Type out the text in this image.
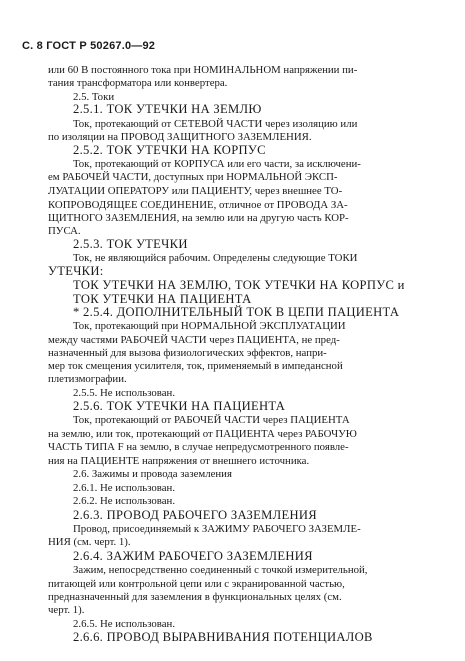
С. 8 ГОСТ Р 50267.0—92
или 60 В постоянного тока при НОМИНАЛЬНОМ напряжении пи-
тания трансформатора или конвертера.
2.5. Токи
2.5.1. ТОК УТЕЧКИ НА ЗЕМЛЮ
Ток, протекающий от СЕТЕВОЙ ЧАСТИ через изоляцию или
по изоляции на ПРОВОД ЗАЩИТНОГО ЗАЗЕМЛЕНИЯ.
2.5.2. ТОК УТЕЧКИ НА КОРПУС
Ток, протекающий от КОРПУСА или его части, за исключени-
ем РАБОЧЕЙ ЧАСТИ, доступных при НОРМАЛЬНОЙ ЭКСП-
ЛУАТАЦИИ ОПЕРАТОРУ или ПАЦИЕНТУ, через внешнее ТО-
КОПРОВОДЯЩЕЕ СОЕДИНЕНИЕ, отличное от ПРОВОДА ЗА-
ЩИТНОГО ЗАЗЕМЛЕНИЯ, на землю или на другую часть КОР-
ПУСА.
2.5.3. ТОК УТЕЧКИ
Ток, не являющийся рабочим. Определены следующие ТОКИ
УТЕЧКИ:
ТОК УТЕЧКИ НА ЗЕМЛЮ, ТОК УТЕЧКИ НА КОРПУС и
ТОК УТЕЧКИ НА ПАЦИЕНТА
* 2.5.4. ДОПОЛНИТЕЛЬНЫЙ ТОК В ЦЕПИ ПАЦИЕНТА
Ток, протекающий при НОРМАЛЬНОЙ ЭКСПЛУАТАЦИИ
между частями РАБОЧЕЙ ЧАСТИ через ПАЦИЕНТА, не пред-
назначенный для вызова физиологических эффектов, напри-
мер ток смещения усилителя, ток, применяемый в импедансной
плетизмографии.
2.5.5. Не использован.
2.5.6. ТОК УТЕЧКИ НА ПАЦИЕНТА
Ток, протекающий от РАБОЧЕЙ ЧАСТИ через ПАЦИЕНТА
на землю, или ток, протекающий от ПАЦИЕНТА через РАБОЧУЮ
ЧАСТЬ ТИПА F на землю, в случае непредусмотренного появле-
ния на ПАЦИЕНТЕ напряжения от внешнего источника.
2.6. Зажимы и провода заземления
2.6.1. Не использован.
2.6.2. Не использован.
2.6.3. ПРОВОД РАБОЧЕГО ЗАЗЕМЛЕНИЯ
Провод, присоединяемый к ЗАЖИМУ РАБОЧЕГО ЗАЗЕМЛЕ-
НИЯ (см. черт. 1).
2.6.4. ЗАЖИМ РАБОЧЕГО ЗАЗЕМЛЕНИЯ
Зажим, непосредственно соединенный с точкой измерительной,
питающей или контрольной цепи или с экранированной частью,
предназначенный для заземления в функциональных целях (см.
черт. 1).
2.6.5. Не использован.
2.6.6. ПРОВОД ВЫРАВНИВАНИЯ ПОТЕНЦИАЛОВ
